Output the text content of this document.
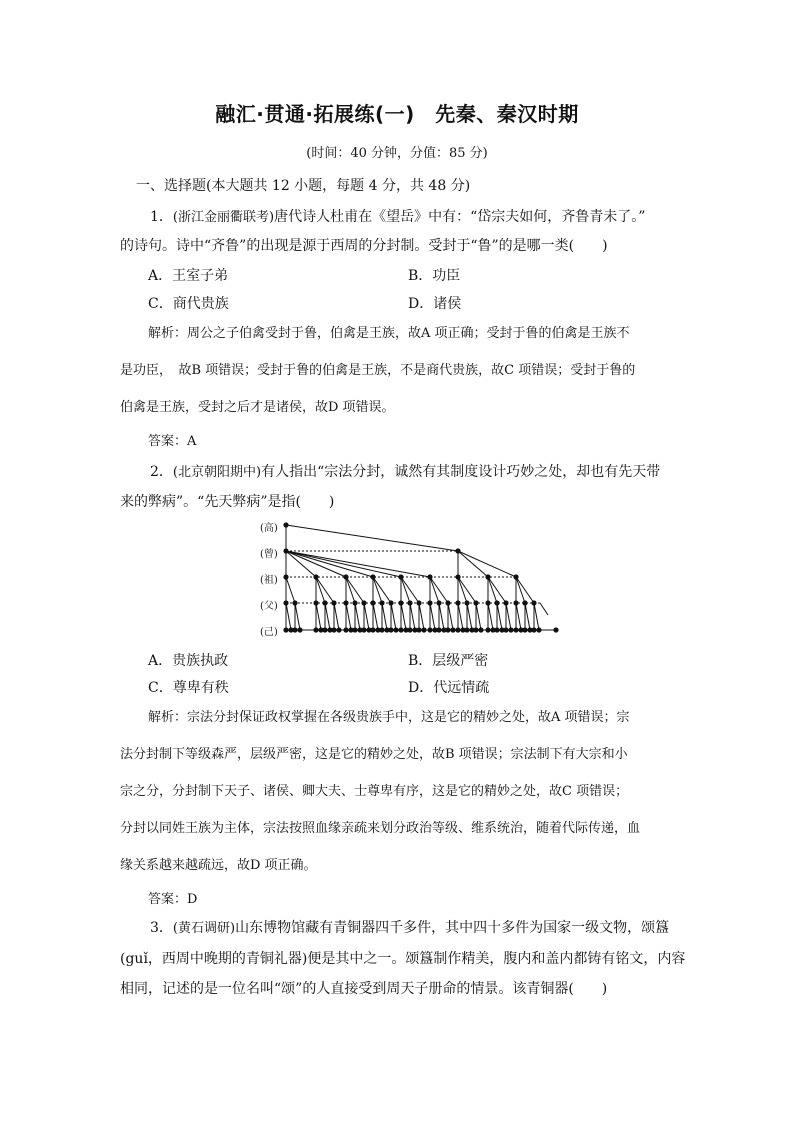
融汇·贯通·拓展练(一)　先秦、秦汉时期
(时间：40 分钟，分值：85 分)
一、选择题(本大题共 12 小题，每题 4 分，共 48 分)
1．(浙江金丽衢联考)唐代诗人杜甫在《望岳》中有：“岱宗夫如何，齐鲁青未了。”
的诗句。诗中“齐鲁”的出现是源于西周的分封制。受封于“鲁”的是哪一类(　　)
A．王室子弟	B．功臣
C．商代贵族	D．诸侯
解析：周公之子伯禽受封于鲁，伯禽是王族，故A 项正确；受封于鲁的伯禽是王族不
是功臣，　故B 项错误；受封于鲁的伯禽是王族，不是商代贵族，故C 项错误；受封于鲁的
伯禽是王族，受封之后才是诸侯，故D 项错误。
答案：A
2．(北京朝阳期中)有人指出“宗法分封，诚然有其制度设计巧妙之处，却也有先天带
来的弊病”。“先天弊病”是指(　　)
(高)
(曾)
(祖)
(父)
(己)
A．贵族执政	B．层级严密
C．尊卑有秩	D．代远情疏
解析：宗法分封保证政权掌握在各级贵族手中，这是它的精妙之处，故A 项错误；宗
法分封制下等级森严，层级严密，这是它的精妙之处，故B 项错误；宗法制下有大宗和小
宗之分，分封制下天子、诸侯、卿大夫、士尊卑有序，这是它的精妙之处，故C 项错误；
分封以同姓王族为主体，宗法按照血缘亲疏来划分政治等级、维系统治，随着代际传递，血
缘关系越来越疏远，故D 项正确。
答案：D
3．(黄石调研)山东博物馆藏有青铜器四千多件，其中四十多件为国家一级文物，颂簋
(guǐ，西周中晚期的青铜礼器)便是其中之一。颂簋制作精美，腹内和盖内都铸有铭文，内容
相同，记述的是一位名叫“颂”的人直接受到周天子册命的情景。该青铜器(　　)
